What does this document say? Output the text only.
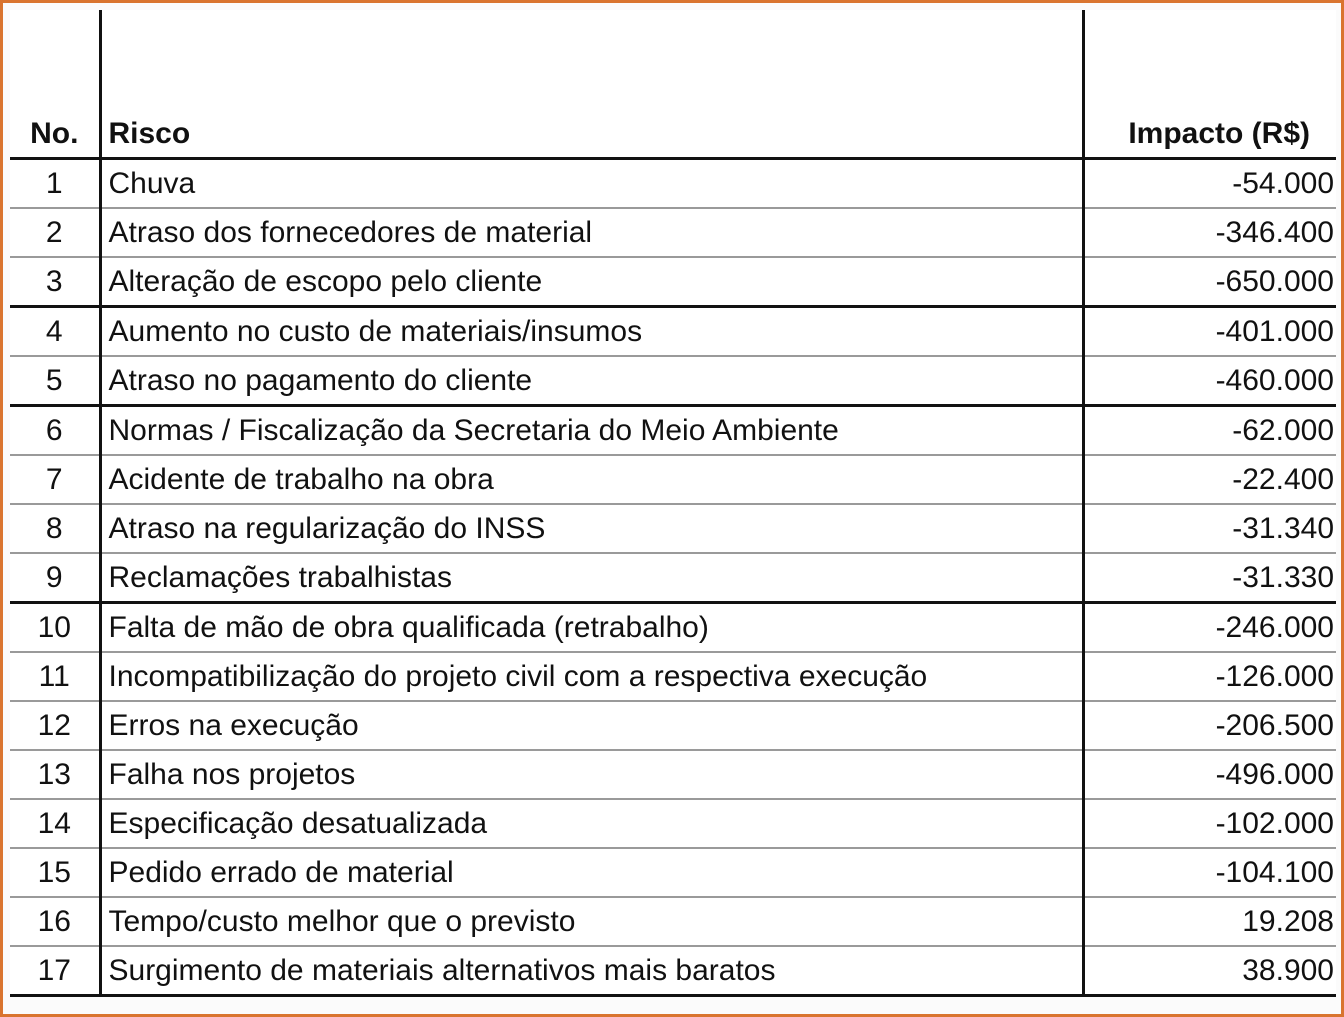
No.	Risco	Impacto (R$)
1	Chuva	-54.000
2	Atraso dos fornecedores de material	-346.400
3	Alteração de escopo pelo cliente	-650.000
4	Aumento no custo de materiais/insumos	-401.000
5	Atraso no pagamento do cliente	-460.000
6	Normas / Fiscalização da Secretaria do Meio Ambiente	-62.000
7	Acidente de trabalho na obra	-22.400
8	Atraso na regularização do INSS	-31.340
9	Reclamações trabalhistas	-31.330
10	Falta de mão de obra qualificada (retrabalho)	-246.000
11	Incompatibilização do projeto civil com a respectiva execução	-126.000
12	Erros na execução	-206.500
13	Falha nos projetos	-496.000
14	Especificação desatualizada	-102.000
15	Pedido errado de material	-104.100
16	Tempo/custo melhor que o previsto	19.208
17	Surgimento de materiais alternativos mais baratos	38.900
